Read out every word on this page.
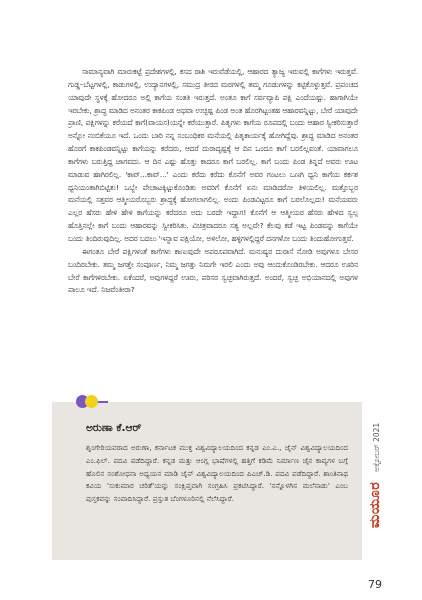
ಸಾಮಾನ್ಯವಾಗಿ ಮಾರುಕಟ್ಟೆ ಪ್ರದೇಶಗಳಲ್ಲಿ, ಕಸದ ರಾಶಿ ಇರುವೆಡೆಯಲ್ಲಿ, ಆಹಾರದ ತ್ಯಾಜ್ಯ ಇರುವಲ್ಲಿ ಕಾಗೆಗಳು ಇರುತ್ತವೆ. ಗುಡ್ಡ–ಬೆಟ್ಟಗಳಲ್ಲಿ, ಕಾಡುಗಳಲ್ಲಿ, ಉದ್ಯಾನಗಳಲ್ಲಿ, ಸಮುದ್ರ ತೀರದ ಮರಗಳಲ್ಲಿ ತಮ್ಮ ಗೂಡುಗಳನ್ನು ಕಟ್ಟಿಕೊಳ್ಳುತ್ತವೆ. ಪ್ರಪಂಚದ ಯಾವುದೇ ಸ್ಥಳಕ್ಕೆ ಹೋದರೂ ಅಲ್ಲಿ ಕಾಗೆಯ ಸಂತತಿ ಇರುತ್ತದೆ. ಅಂತೂ ಕಾಗೆ ಸರ್ವವ್ಯಾಪಿ ಪಕ್ಷಿ ಎಂದೆಯಷ್ಟು. ಹಾಗಾಗಿಯೇ ಇರಬೇಕು, ಶ್ರಾದ್ಧ ಮಾಡಿದ ಅನಂತರ ಕಾಕಪಿಂಡ ಅಥವಾ ಉಚ್ಛಿಷ್ಟ ಪಿಂಡ ಅಂತ ಹೊರಗಿಟ್ಟಂತಹ ಆಹಾರವನ್ನಿಟ್ಟು, ಬೇರೆ ಯಾವುದೇ ಪ್ರಾಣಿ, ಪಕ್ಷಿಗಳನ್ನು ಕರೆಯದೆ ಕಾಗೆ(ವಾಯಸ)ಯನ್ನೇ ಕರೆಯುತ್ತಾರೆ. ಪಿತೃಗಳು ಕಾಗೆಯ ರೂಪದಲ್ಲಿ ಬಂದು ಆಹಾರ ಸ್ವೀಕರಿಸುತ್ತಾರೆ ಅನ್ನೋ ನಂಬಿಕೆಯೂ ಇದೆ. ಒಂದು ಬಾರಿ ನನ್ನ ಸಂಬಂಧಿಕರ ಮನೆಯಲ್ಲಿ ಪಿತೃಕಾರ್ಯಕ್ಕೆ ಹೋಗಿದ್ದೆವು. ಶ್ರಾದ್ಧ ಮಾಡಿದ ಅನಂತರ ಹೊರಗೆ ಕಾಕಪಿಂಡವನ್ನಿಟ್ಟು ಕಾಗೆಯನ್ನು ಕರೆದರು, ಆದರೆ ದುರಾದೃಷ್ಟಕ್ಕೆ ಆ ದಿನ ಒಂದೂ ಕಾಗೆ ಬರಲಿಲ್ಲವಂತೆ. ಯಾವಾಗಲೂ ಕಾಗೆಗಳು ಬರುತ್ತಿದ್ದ ಜಾಗವದು. ಆ ದಿನ ಎಷ್ಟು ಹೊತ್ತು ಕಾದರೂ ಕಾಗೆ ಬರಲಿಲ್ಲ. ಕಾಗೆ ಬಂದು ಪಿಂಡ ತಿನ್ನದೆ ಅವರು ಊಟ ಮಾಡುವ ಹಾಗಿರಲಿಲ್ಲ. 'ಕಾವ್...ಕಾವ್...' ಎಂದು ಕರೆದು ಕರೆದು ಕೊನೆಗೆ ಅವರ ಗಂಟಲು ಒಣಗಿ ಧ್ವನಿ ಕಾಗೆಯ ಕರ್ಕಶ ಧ್ವನಿಯಂತಾಗಿಬಿಟ್ಟಿತು! ಒಬ್ಬೇ ಪೇಚಾಟಕ್ಕಿಟ್ಟುಕೊಂಡಿತು ಅವರಿಗೆ ಕೊನೆಗೆ ಏನು ಮಾಡಿದರೋ ತಿಳಿಯಲಿಲ್ಲ. ಮತ್ತೊಬ್ಬರ ಮನೆಯಲ್ಲಿ ಸತ್ತವರ ಆತ್ಮೀಯರೊಬ್ಬರು ಶ್ರಾದ್ಧಕ್ಕೆ ಹೋಗಲಾಗಲಿಲ್ಲ. ಅಂದು ಪಿಂಡವಿಟ್ಟರೂ ಕಾಗೆ ಬರಲೊಲ್ಲದು! ಮನೆಯವರು ಎಲ್ಲರ ಹೆಸರು ಹೇಳಿ ಹೇಳಿ ಕಾಗೆಯನ್ನು ಕರೆದರೂ ಅದು ಬರದೇ ಇದ್ದಾಗ! ಕೊನೆಗೆ ಆ ಆತ್ಮೀಯರ ಹೆಸರು ಹೇಳಿದ ಸ್ವಲ್ಪ ಹೊತ್ತಿನಲ್ಲೇ ಕಾಗೆ ಬಂದು ಆಹಾರವನ್ನು ಸ್ವೀಕರಿಸಿತು. ವಿಚಿತ್ರವಾದರೂ ಸತ್ಯ ಅಲ್ಲವೇ? ಕೆಲವು ಕಡೆ ಇಟ್ಟ ಪಿಂಡವನ್ನು ಕಾಗೆಯೇ ಬಂದು ತಿಂದಿರುವುದಿಲ್ಲ. ಅದರ ಬದಲು 'ಇನ್ನಾವ ಪಕ್ಷಿಯೋ, ಅಳಿಲೋ, ಹಳ್ಳಿಗಳಲ್ಲಿದ್ದರೆ ದನಗಳೋ ಬಂದು ತಿಂದುಹೋಗುತ್ತವೆ.

ಈಗಂತೂ ಬೇರೆ ಪಕ್ಷಿಗಳಂತೆ ಕಾಗೆಗಳು ಕಾಣುವುದೇ ಅಪರೂಪವಾಗಿದೆ. ಮನುಷ್ಯರ ದುರಾಸೆ ನೋಡಿ ಅವುಗಳೂ ಬೇಸರ ಬಂದಿರಬೇಕು. ತಮ್ಮ ಜಗತ್ತೇ ಸಂಪೂರ್ಣ, ನಿಮ್ಮ ಜಗತ್ತು ನಿಮಗೇ ಇರಲಿ ಎಂದು ಅವು ಆಂದುಕೊಂಡಿರಬೇಕು. ಆದರೂ ಊರಿನ ಬೇರೆ ಕಾಗೆಗಳಿರಬೇಕು. ಏಕೆಂದರೆ, ಅವುಗಳಿದ್ದರೆ ಊರು, ಪರಿಸರ ಸ್ವಚ್ಛವಾಗಿರುತ್ತದೆ. ಅಂದರೆ, ಸ್ವಚ್ಛ ಅಭಿಯಾನದಲ್ಲಿ ಅವುಗಳ ಪಾಲೂ ಇದೆ. ನಿಜವೆಂತೀರಾ?

ಅರುಣಾ ಕೆ.ಆರ್
ಶೃಂಗೇರಿಯವರಾದ ಅರುಣಾ, ಕರ್ನಾಟಕ ಮುಕ್ತ ವಿಶ್ವವಿದ್ಯಾಲಯದಿಂದ ಕನ್ನಡ ಎಂ.ಎ., ಜೈನ್ ವಿಶ್ವವಿದ್ಯಾಲಯದಿಂದ ಎಂ.ಫಿಲ್. ಪದವಿ ಪಡೆದಿದ್ದಾರೆ. ಕನ್ನಡ ಮತ್ತು ಆಂಗ್ಲ ಭಾಷೆಗಳಲ್ಲಿ ಹತ್ತಿಗೆ ಕಡಿಮೆ ನಿರ್ಮಾಣ ಜೈನ ಕಾವ್ಯಗಳ ಬಗ್ಗೆ ಹೊಲಿನ ಸಂಶೋಧನಾ ಅಧ್ಯಯನ ಮಾಡಿ ಜೈನ್ ವಿಶ್ವವಿದ್ಯಾಲಯದಿಂದ ಪಿಎಚ್.ಡಿ. ಪದವಿ ಪಡೆದಿದ್ದಾರೆ. ಶಾಂತಿನಾಥ ಕವಿಯ 'ಸುಕುಮಾರ ಚರಿತೆ'ಯನ್ನು ಸಂಕ್ಷಿಪ್ತವಾಗಿ ಸಂಗ್ರಹಿಸಿ ಪ್ರಕಟಿಸಿದ್ದಾರೆ. 'ನನ್ನೊಳಗಿನ ಮಲೆನಾಡು' ಎಂಬ ಪುಸ್ತಕವನ್ನು ಸಂಪಾದಿಸಿದ್ದಾರೆ. ಪ್ರಸ್ತುತ ಬೆಂಗಳೂರಿನಲ್ಲಿ ನೆಲೆಸಿದ್ದಾರೆ.	ಮಯೂರಅಕ್ಟೋಬರ್ 2021
79
